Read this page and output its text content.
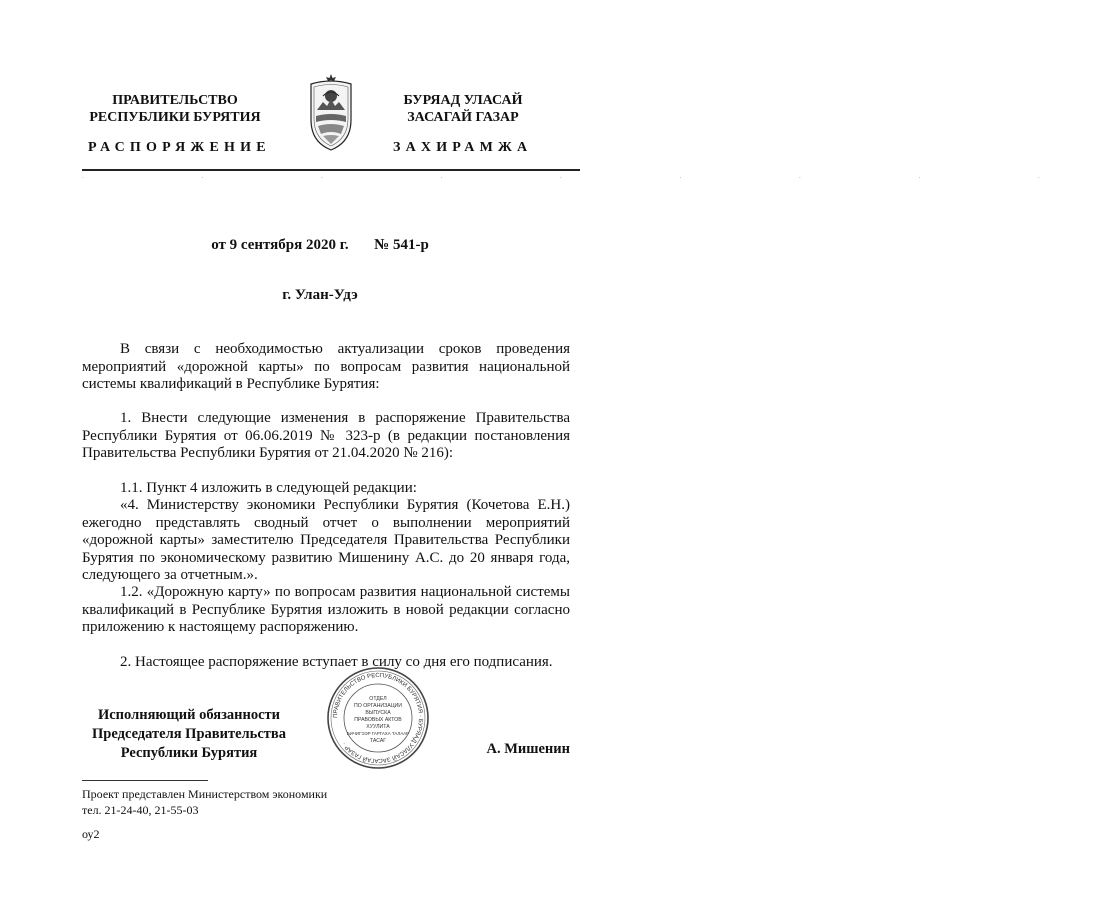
ПРАВИТЕЛЬСТВО
РЕСПУБЛИКИ БУРЯТИЯ
РАСПОРЯЖЕНИЕ
БУРЯАД УЛАСАЙ
ЗАСАГАЙ ГАЗАР
ЗАХИРАМЖА
. . . . . . . . .
от 9 сентября 2020 г. № 541-р
г. Улан-Удэ
В связи с необходимостью актуализации сроков проведения мероприятий «дорожной карты» по вопросам развития национальной системы квалификаций в Республике Бурятия:
1. Внести следующие изменения в распоряжение Правительства Республики Бурятия от 06.06.2019 № 323-р (в редакции постановления Правительства Республики Бурятия от 21.04.2020 № 216):
1.1. Пункт 4 изложить в следующей редакции:
«4. Министерству экономики Республики Бурятия (Кочетова Е.Н.) ежегодно представлять сводный отчет о выполнении мероприятий «дорожной карты» заместителю Председателя Правительства Республики Бурятия по экономическому развитию Мишенину А.С. до 20 января года, следующего за отчетным.».
1.2. «Дорожную карту» по вопросам развития национальной системы квалификаций в Республике Бурятия изложить в новой редакции согласно приложению к настоящему распоряжению.
2. Настоящее распоряжение вступает в силу со дня его подписания.
Исполняющий обязанности
Председателя Правительства
Республики Бурятия
ПРАВИТЕЛЬСТВО РЕСПУБЛИКИ БУРЯТИЯ · БУРЯАД УЛАСАЙ ЗАСАГАЙ ГАЗАР ·
ОТДЕЛ
ПО ОРГАНИЗАЦИИ
ВЫПУСКА
ПРАВОВЫХ АКТОВ
ХУУЛИТА
БИЧИГЭЭР ГАРГАХА ТАЛААР
ТАСАГ	А. Мишенин
Проект представлен Министерством экономики
тел. 21-24-40, 21-55-03
оу2
